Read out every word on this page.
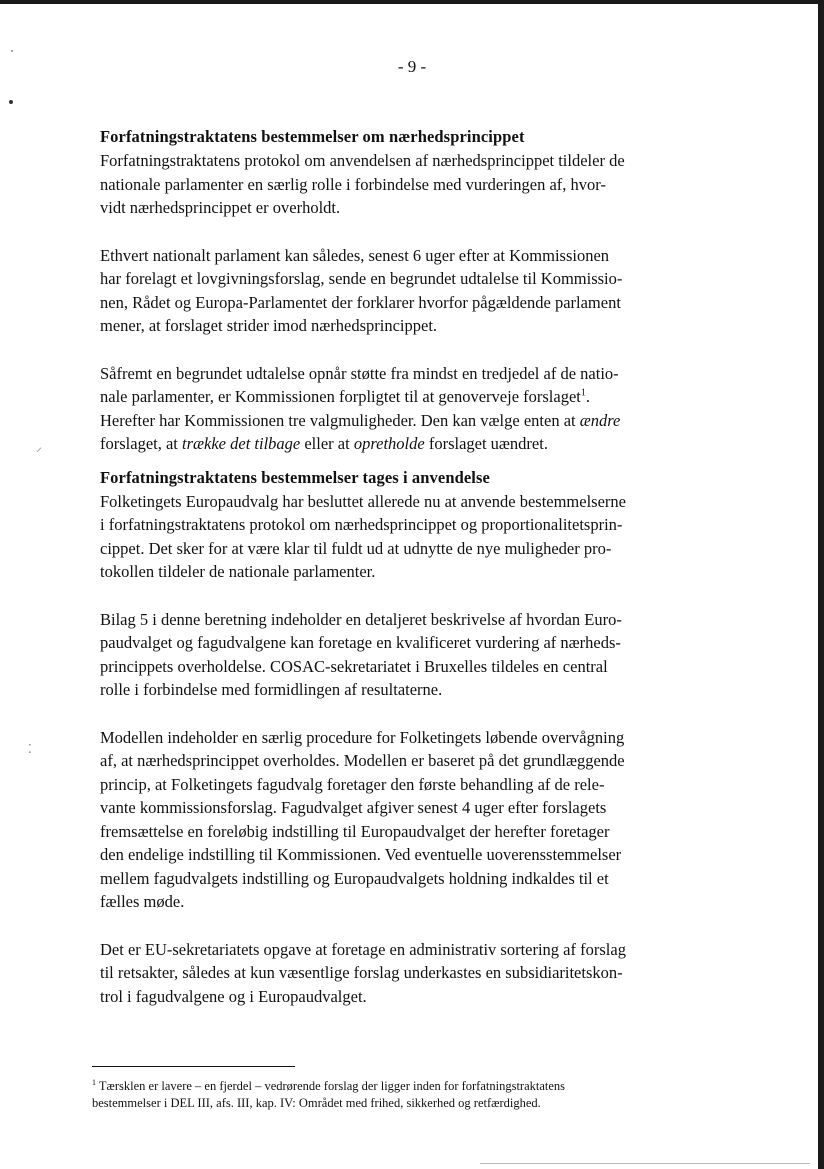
⸝
⁚
- 9 -
Forfatningstraktatens bestemmelser om nærhedsprincippet

Forfatningstraktatens protokol om anvendelsen af nærhedsprincippet tildeler de
nationale parlamenter en særlig rolle i forbindelse med vurderingen af, hvor-
vidt nærhedsprincippet er overholdt.

Ethvert nationalt parlament kan således, senest 6 uger efter at Kommissionen
har forelagt et lovgivningsforslag, sende en begrundet udtalelse til Kommissio-
nen, Rådet og Europa-Parlamentet der forklarer hvorfor pågældende parlament
mener, at forslaget strider imod nærhedsprincippet.

Såfremt en begrundet udtalelse opnår støtte fra mindst en tredjedel af de natio-
nale parlamenter, er Kommissionen forpligtet til at genoverveje forslaget$^1$.
Herefter har Kommissionen tre valgmuligheder. Den kan vælge enten at ændre
forslaget, at trække det tilbage eller at opretholde forslaget uændret.

Forfatningstraktatens bestemmelser tages i anvendelse

Folketingets Europaudvalg har besluttet allerede nu at anvende bestemmelserne
i forfatningstraktatens protokol om nærhedsprincippet og proportionalitetsprin-
cippet. Det sker for at være klar til fuldt ud at udnytte de nye muligheder pro-
tokollen tildeler de nationale parlamenter.

Bilag 5 i denne beretning indeholder en detaljeret beskrivelse af hvordan Euro-
paudvalget og fagudvalgene kan foretage en kvalificeret vurdering af nærheds-
princippets overholdelse. COSAC-sekretariatet i Bruxelles tildeles en central
rolle i forbindelse med formidlingen af resultaterne.

Modellen indeholder en særlig procedure for Folketingets løbende overvågning
af, at nærhedsprincippet overholdes. Modellen er baseret på det grundlæggende
princip, at Folketingets fagudvalg foretager den første behandling af de rele-
vante kommissionsforslag. Fagudvalget afgiver senest 4 uger efter forslagets
fremsættelse en foreløbig indstilling til Europaudvalget der herefter foretager
den endelige indstilling til Kommissionen. Ved eventuelle uoverensstemmelser
mellem fagudvalgets indstilling og Europaudvalgets holdning indkaldes til et
fælles møde.

Det er EU-sekretariatets opgave at foretage en administrativ sortering af forslag
til retsakter, således at kun væsentlige forslag underkastes en subsidiaritetskon-
trol i fagudvalgene og i Europaudvalget.

$^1$ Tærsklen er lavere – en fjerdel – vedrørende forslag der ligger inden for forfatningstraktatens
bestemmelser i DEL III, afs. III, kap. IV: Området med frihed, sikkerhed og retfærdighed.
